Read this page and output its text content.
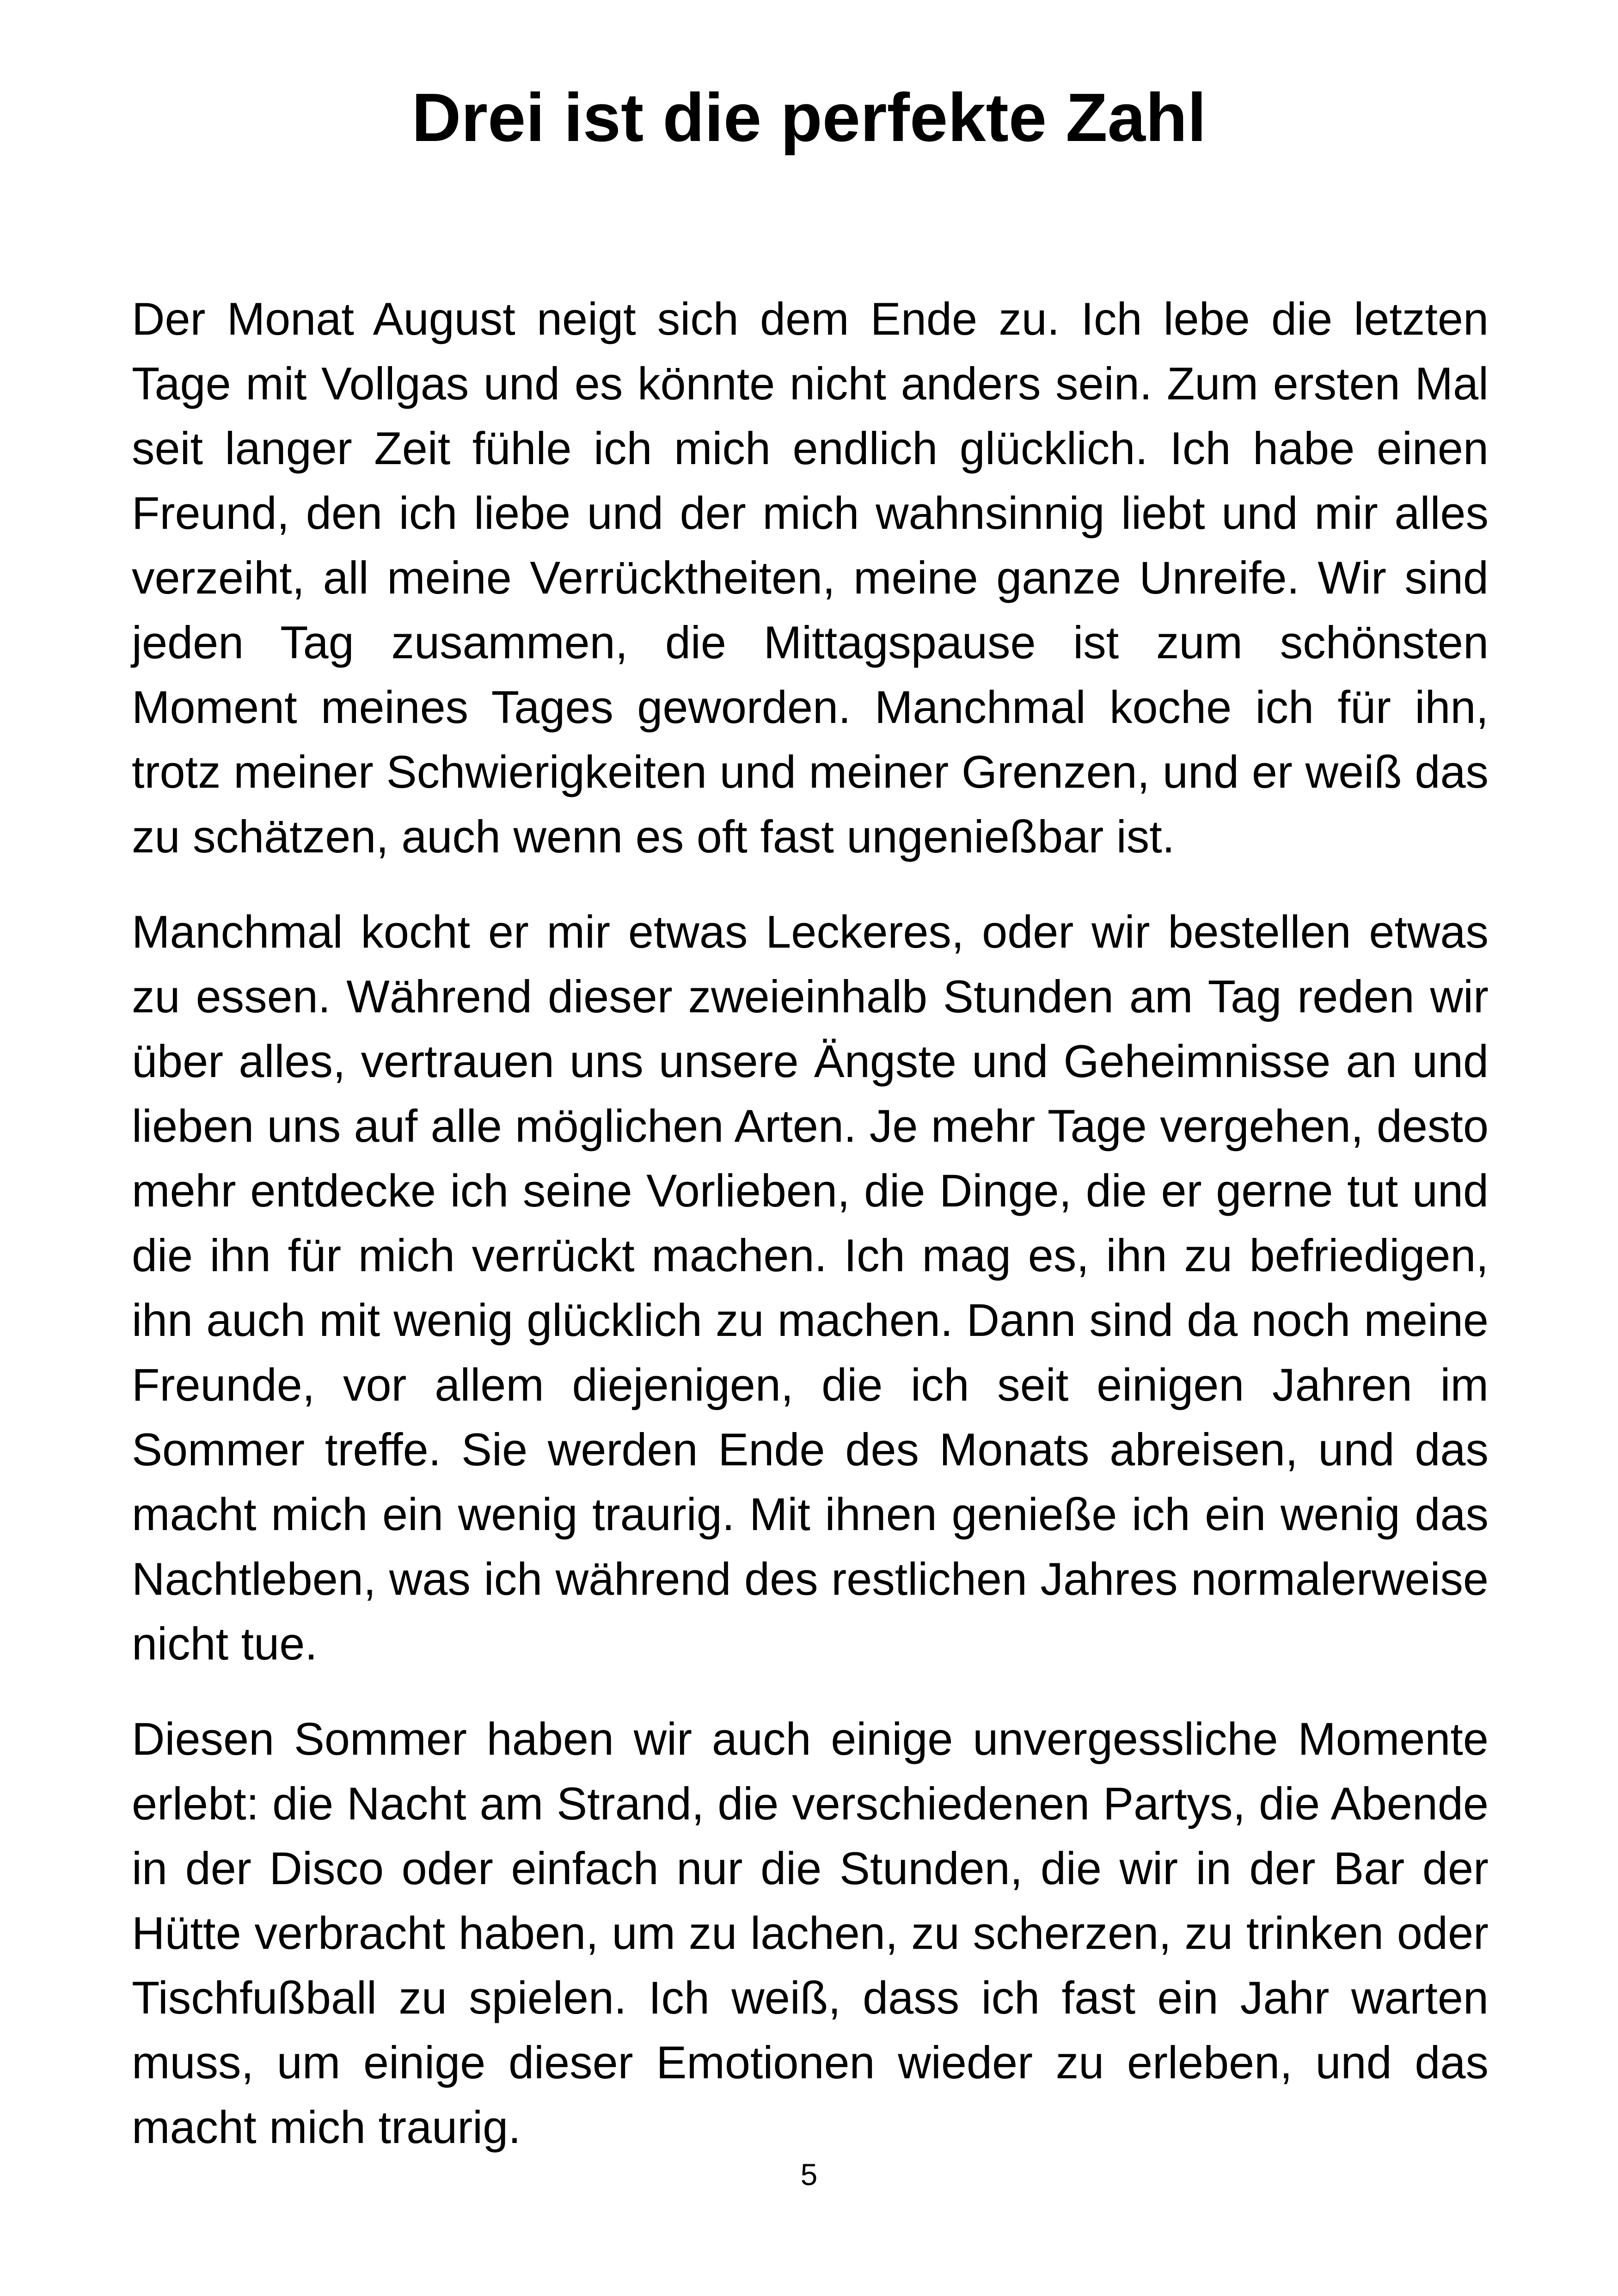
Drei ist die perfekte Zahl

Der Monat August neigt sich dem Ende zu. Ich lebe die letzten Tage mit Vollgas und es könnte nicht anders sein. Zum ersten Mal seit langer Zeit fühle ich mich endlich glücklich. Ich habe einen Freund, den ich liebe und der mich wahnsinnig liebt und mir alles verzeiht, all meine Verrücktheiten, meine ganze Unreife. Wir sind jeden Tag zusammen, die Mittagspause ist zum schönsten Moment meines Tages geworden. Manchmal koche ich für ihn, trotz meiner Schwierigkeiten und meiner Grenzen, und er weiß das zu schätzen, auch wenn es oft fast ungenießbar ist.

Manchmal kocht er mir etwas Leckeres, oder wir bestellen etwas zu essen. Während dieser zweieinhalb Stunden am Tag reden wir über alles, vertrauen uns unsere Ängste und Geheimnisse an und lieben uns auf alle möglichen Arten. Je mehr Tage vergehen, desto mehr entdecke ich seine Vorlieben, die Dinge, die er gerne tut und die ihn für mich verrückt machen. Ich mag es, ihn zu befriedigen, ihn auch mit wenig glücklich zu machen. Dann sind da noch meine Freunde, vor allem diejenigen, die ich seit einigen Jahren im Sommer treffe. Sie werden Ende des Monats abreisen, und das macht mich ein wenig traurig. Mit ihnen genieße ich ein wenig das Nachtleben, was ich während des restlichen Jahres normalerweise nicht tue.

Diesen Sommer haben wir auch einige unvergessliche Momente erlebt: die Nacht am Strand, die verschiedenen Partys, die Abende in der Disco oder einfach nur die Stunden, die wir in der Bar der Hütte verbracht haben, um zu lachen, zu scherzen, zu trinken oder Tischfußball zu spielen. Ich weiß, dass ich fast ein Jahr warten muss, um einige dieser Emotionen wieder zu erleben, und das macht mich traurig.

5
